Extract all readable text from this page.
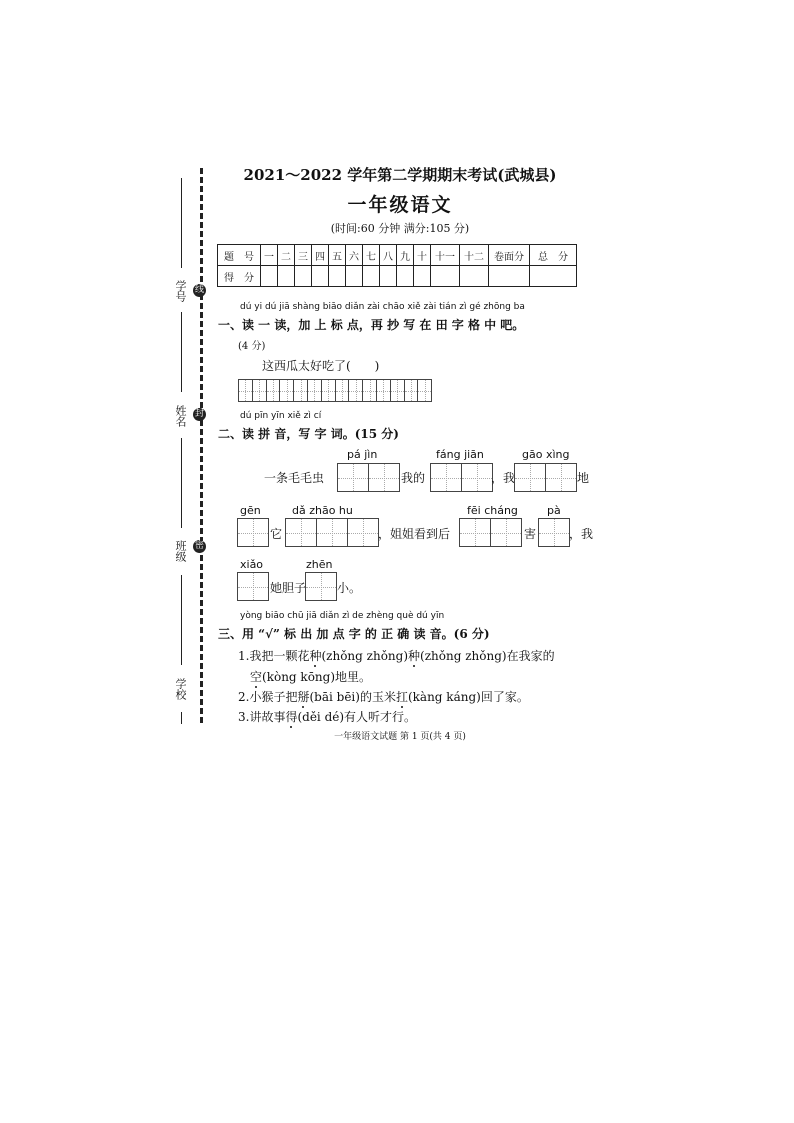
学号
姓名
班级
学校
线
封
密
2021～2022 学年第二学期期末考试(武城县)
一年级语文
(时间:60 分钟 满分:105 分)
题　号	一	二	三	四	五	六	七	八	九	十	十一	十二	卷面分	总　分
得　分														
dú yi dú jiā shàng biāo diǎn zài chāo xiě zài tián zì gé zhōng ba
一、读 一 读，加 上 标 点，再 抄 写 在 田 字 格 中 吧。
(4 分)
这西瓜太好吃了(　　)
dú pīn yīn xiě zì cí
二、读 拼 音，写 字 词。(15 分)
pá jìn	fáng jiān	gāo xìng
一条毛毛虫	我的	，我	地
gēn	dǎ zhāo hu	fēi cháng	pà
它	，姐姐看到后	害	，我
xiǎo	zhēn
她胆子	小。
yòng biāo chū jiā diǎn zì de zhèng què dú yīn
三、用 “√” 标 出 加 点 字 的 正 确 读 音。(6 分)
1.我把一颗花种(zhǒng zhǒng)种(zhǒng zhǒng)在我家的
空(kòng kōng)地里。
2.小猴子把掰(bāi bēi)的玉米扛(kàng káng)回了家。
3.讲故事得(děi dé)有人听才行。
一年级语文试题 第 1 页(共 4 页)
